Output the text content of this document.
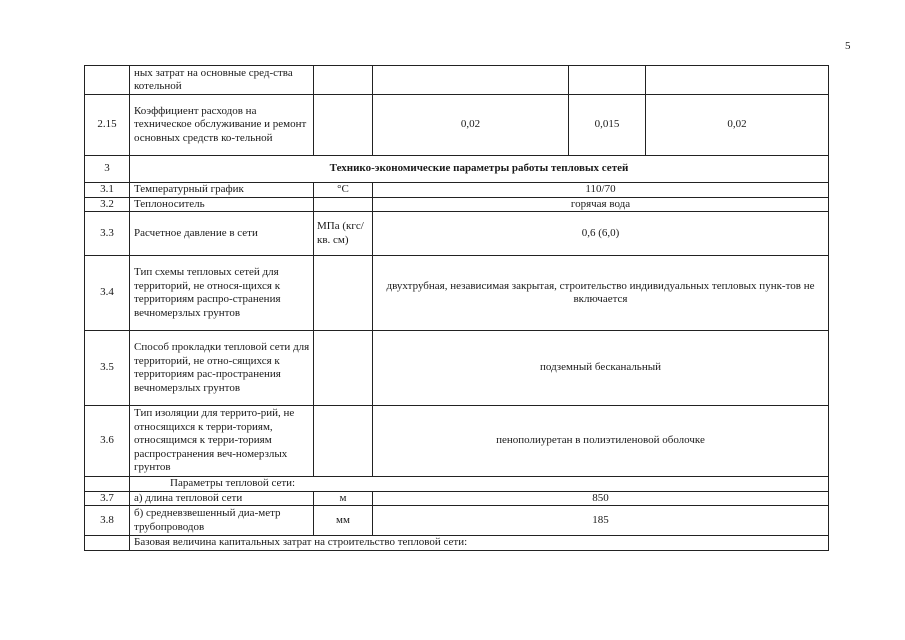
5
	ных затрат на основные сред-ства котельной				
2.15	Коэффициент расходов на техническое обслуживание и ремонт основных средств ко-тельной		0,02	0,015	0,02
3	Технико-экономические параметры работы тепловых сетей				
3.1	Температурный график	°С	110/70		
3.2	Теплоноситель		горячая вода		
3.3	Расчетное давление в сети	МПа (кгс/кв. см)	0,6 (6,0)		
3.4	Тип схемы тепловых сетей для территорий, не относя-щихся к территориям распро-странения вечномерзлых грунтов		двухтрубная, независимая закрытая, строительство индивидуальных тепловых пунк-тов не включается		
3.5	Способ прокладки тепловой сети для территорий, не отно-сящихся к территориям рас-пространения вечномерзлых грунтов		подземный бесканальный		
3.6	Тип изоляции для террито-рий, не относящихся к терри-ториям, относящимся к терри-ториям распространения веч-номерзлых грунтов		пенополиуретан в полиэтиленовой оболочке		
	Параметры тепловой сети:				
3.7	а) длина тепловой сети	м	850		
3.8	б) средневзвешенный диа-метр трубопроводов	мм	185		
	Базовая величина капитальных затрат на строительство тепловой сети:				
